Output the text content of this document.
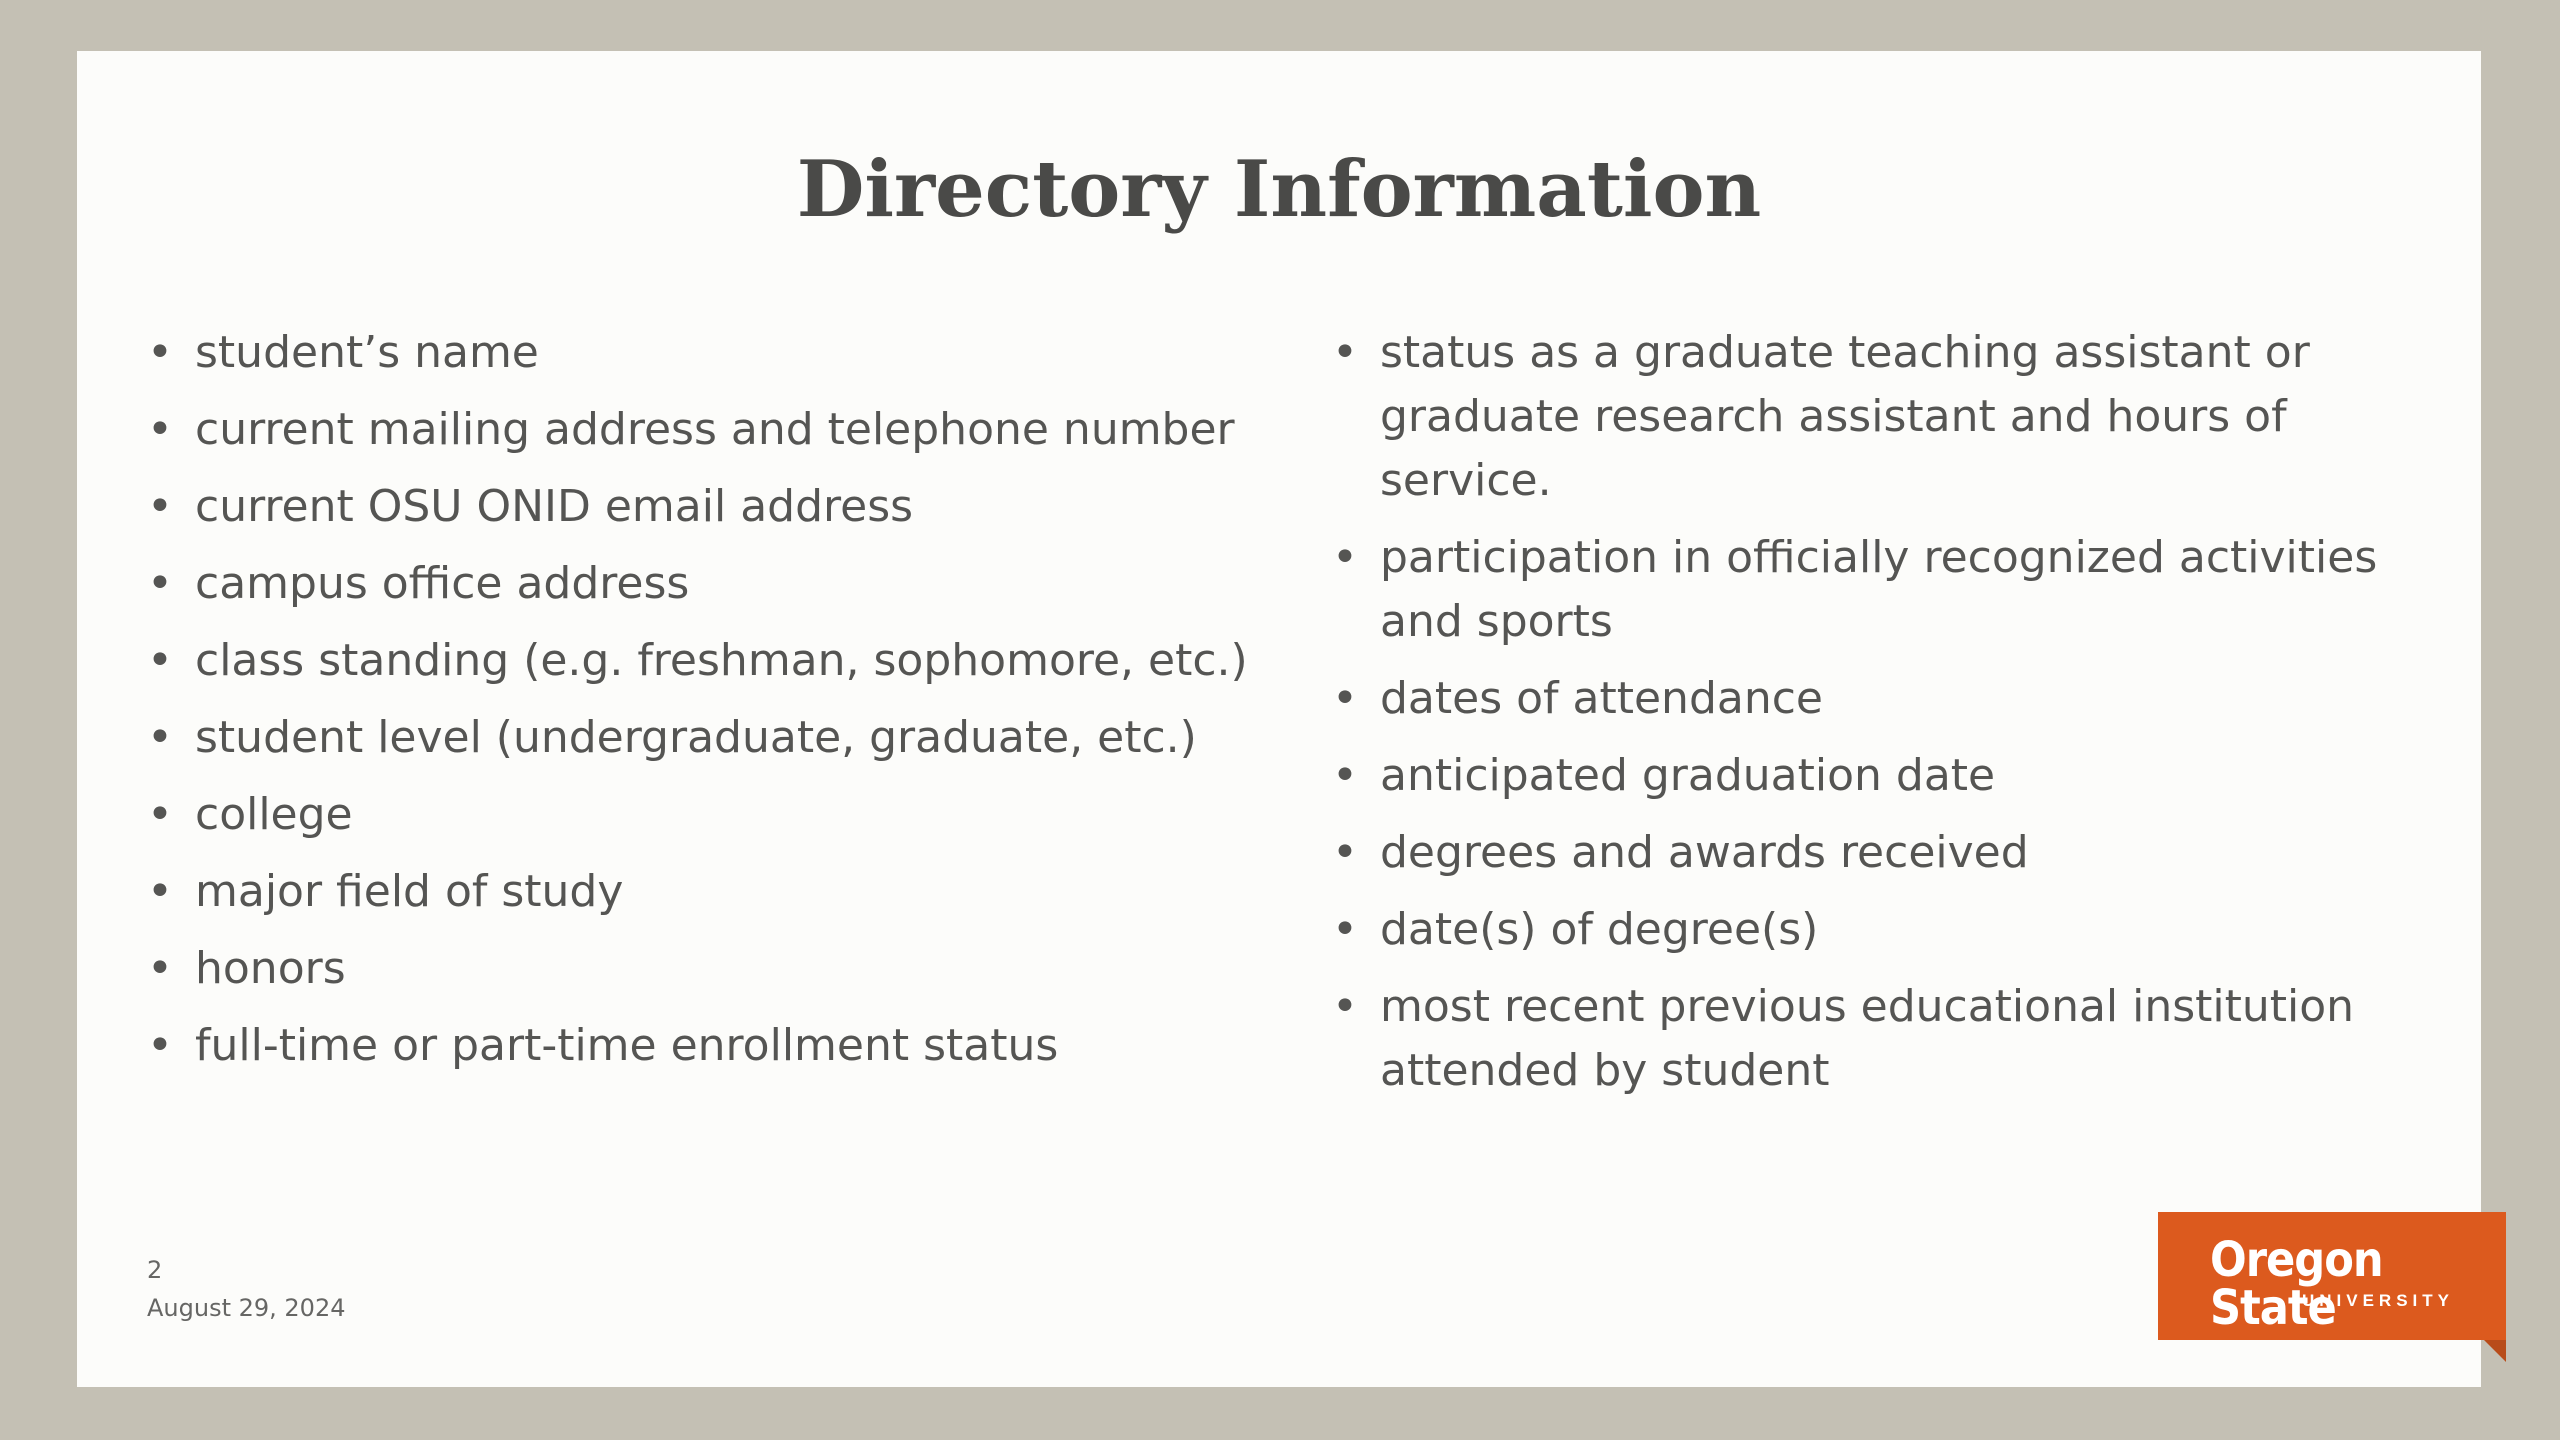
Directory Information
• student’s name
• current mailing address and telephone number
• current OSU ONID email address
• campus office address
• class standing (e.g. freshman, sophomore, etc.)
• student level (undergraduate, graduate, etc.)
• college
• major field of study
• honors
• full-time or part-time enrollment status
• status as a graduate teaching assistant or graduate research assistant and hours of service.
• participation in officially recognized activities and sports
• dates of attendance
• anticipated graduation date
• degrees and awards received
• date(s) of degree(s)
• most recent previous educational institution attended by student
2
August 29, 2024
Oregon State
UNIVERSITY
